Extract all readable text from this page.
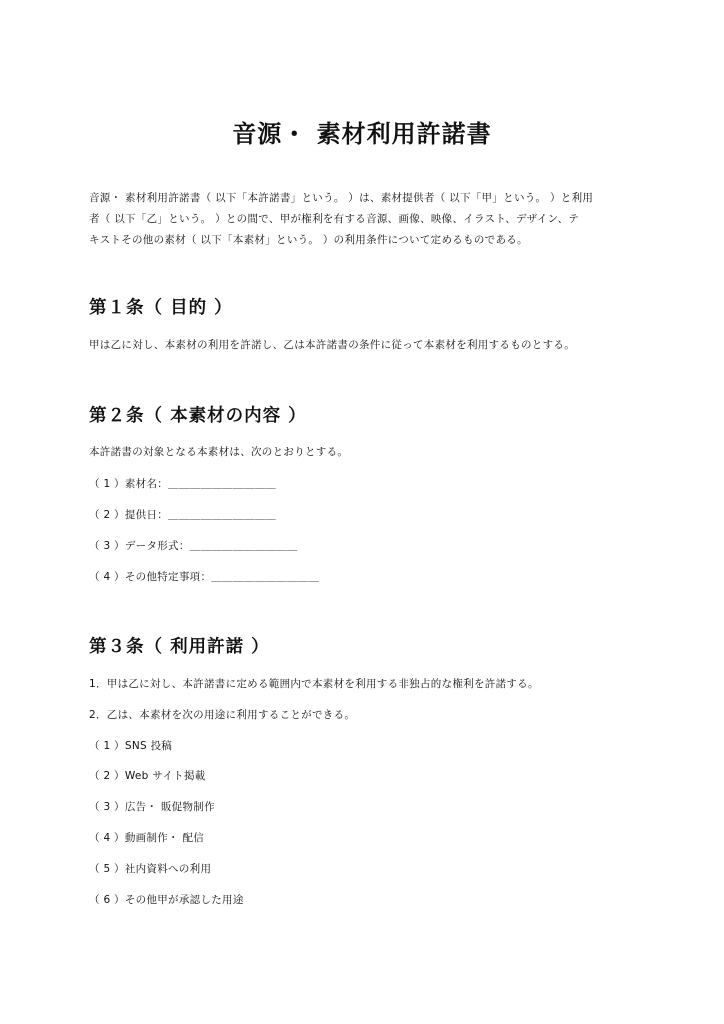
音源・ 素材利用許諾書
音源・ 素材利用許諾書（ 以下「本許諾書」という。 ）は、素材提供者（ 以下「甲」という。 ）と利用
者（ 以下「乙」という。 ）との間で、甲が権利を有する音源、画像、映像、イラスト、デザイン、テ
キストその他の素材（ 以下「本素材」という。 ）の利用条件について定めるものである。
第１条（ 目的 ）
甲は乙に対し、本素材の利用を許諾し、乙は本許諾書の条件に従って本素材を利用するものとする。
第２条（ 本素材の内容 ）
本許諾書の対象となる本素材は、次のとおりとする。
（ 1 ）素材名：＿＿＿＿＿＿＿＿＿＿
（ 2 ）提供日：＿＿＿＿＿＿＿＿＿＿
（ 3 ）データ形式：＿＿＿＿＿＿＿＿＿＿
（ 4 ）その他特定事項：＿＿＿＿＿＿＿＿＿＿
第３条（ 利用許諾 ）
1．甲は乙に対し、本許諾書に定める範囲内で本素材を利用する非独占的な権利を許諾する。
2．乙は、本素材を次の用途に利用することができる。
（ 1 ）SNS 投稿
（ 2 ）Web サイト掲載
（ 3 ）広告・ 販促物制作
（ 4 ）動画制作・ 配信
（ 5 ）社内資料への利用
（ 6 ）その他甲が承認した用途
